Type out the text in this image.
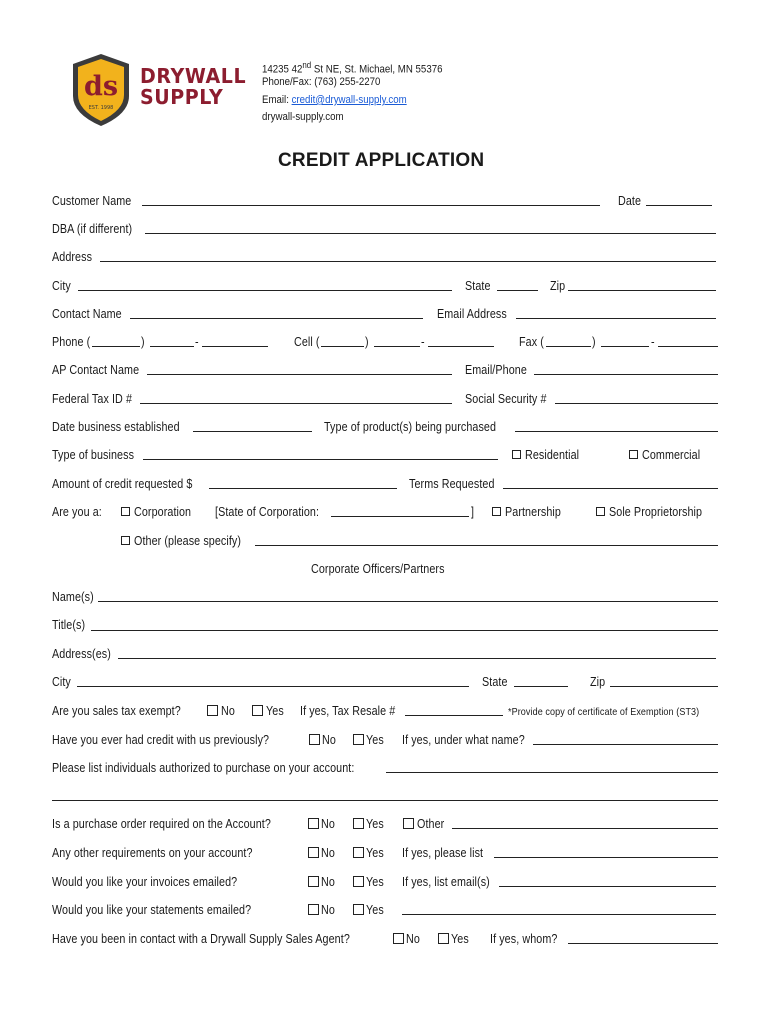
ds
EST. 1998
DRYWALL
SUPPLY
14235 42nd St NE, St. Michael, MN 55376
Phone/Fax: (763) 255-2270
Email: credit@drywall-supply.com
drywall-supply.com
CREDIT APPLICATION
Customer Name	Date
DBA (if different)
Address
City	State	Zip
Contact Name	Email Address
Phone (	)	-	Cell (	)	-	Fax (	)	-
AP Contact Name	Email/Phone
Federal Tax ID #	Social Security #
Date business established	Type of product(s) being purchased
Type of business	Residential	Commercial
Amount of credit requested $	Terms Requested
Are you a:	Corporation [State of Corporation:	] Partnership	Sole Proprietorship
Other (please specify)
Corporate Officers/Partners
Name(s)
Title(s)
Address(es)
City	State	Zip
Are you sales tax exempt?	No Yes If yes, Tax Resale #	*Provide copy of certificate of Exemption (ST3)
Have you ever had credit with us previously?	No Yes If yes, under what name?
Please list individuals authorized to purchase on your account:
Is a purchase order required on the Account?	No Yes	Other
Any other requirements on your account?	No Yes If yes, please list
Would you like your invoices emailed?	No Yes If yes, list email(s)
Would you like your statements emailed?	No Yes
Have you been in contact with a Drywall Supply Sales Agent?	No Yes If yes, whom?
